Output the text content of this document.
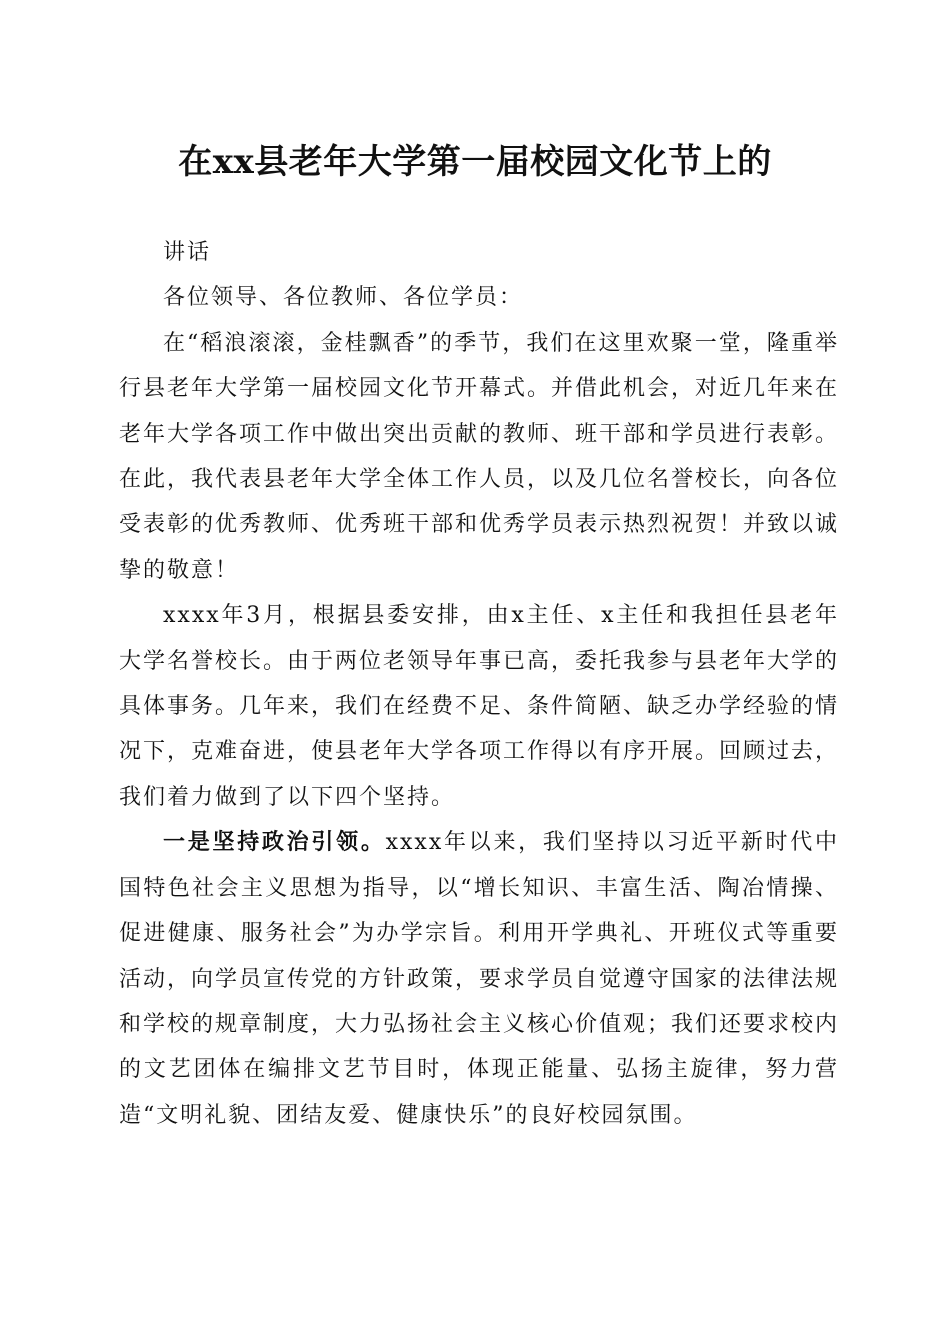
在xx县老年大学第一届校园文化节上的

讲话

各位领导、各位教师、各位学员：

在“稻浪滚滚，金桂飘香”的季节，我们在这里欢聚一堂，隆重举行县老年大学第一届校园文化节开幕式。并借此机会，对近几年来在老年大学各项工作中做出突出贡献的教师、班干部和学员进行表彰。在此，我代表县老年大学全体工作人员，以及几位名誉校长，向各位受表彰的优秀教师、优秀班干部和优秀学员表示热烈祝贺！并致以诚挚的敬意！

xxxx年3月，根据县委安排，由x主任、x主任和我担任县老年大学名誉校长。由于两位老领导年事已高，委托我参与县老年大学的具体事务。几年来，我们在经费不足、条件简陋、缺乏办学经验的情况下，克难奋进，使县老年大学各项工作得以有序开展。回顾过去，我们着力做到了以下四个坚持。

一是坚持政治引领。xxxx年以来，我们坚持以习近平新时代中国特色社会主义思想为指导，以“增长知识、丰富生活、陶冶情操、促进健康、服务社会”为办学宗旨。利用开学典礼、开班仪式等重要活动，向学员宣传党的方针政策，要求学员自觉遵守国家的法律法规和学校的规章制度，大力弘扬社会主义核心价值观；我们还要求校内的文艺团体在编排文艺节目时，体现正能量、弘扬主旋律，努力营造“文明礼貌、团结友爱、健康快乐”的良好校园氛围。
